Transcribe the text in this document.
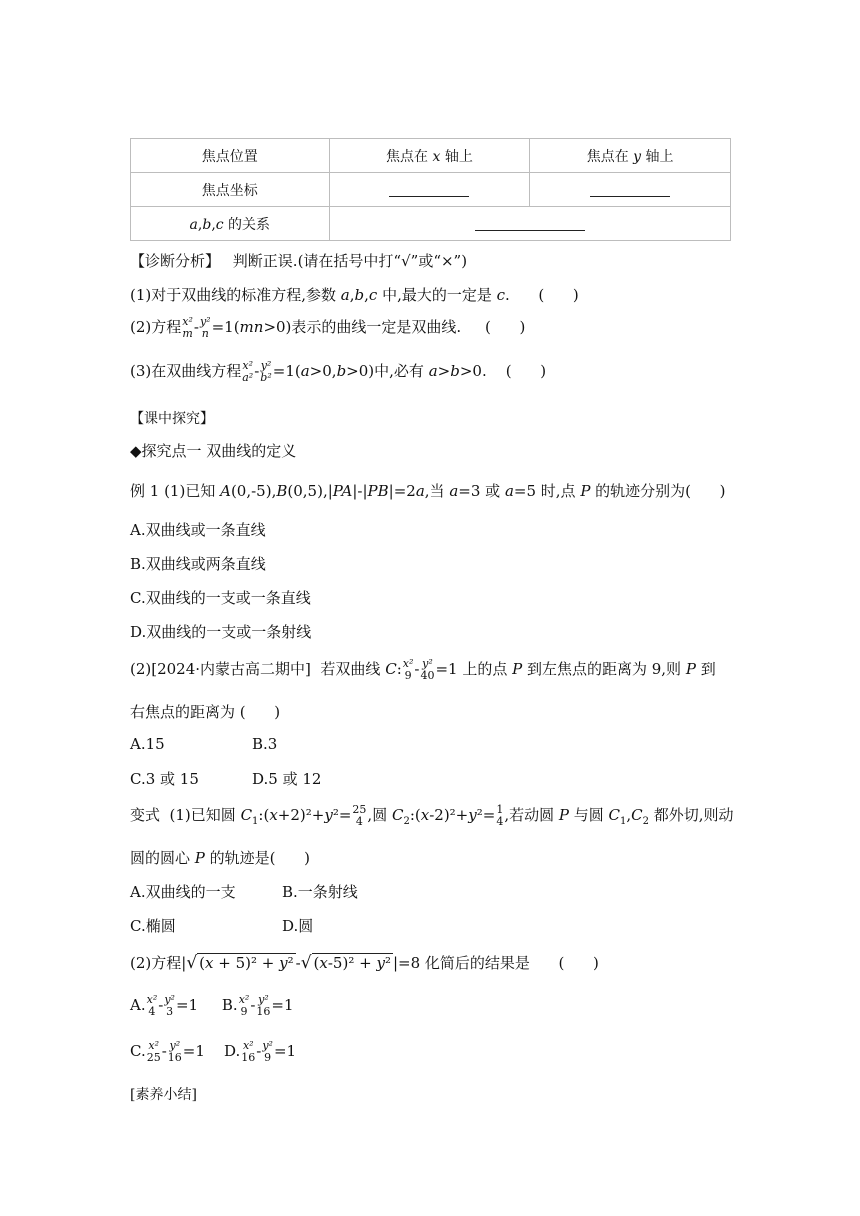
焦点位置	焦点在 x 轴上	焦点在 y 轴上
焦点坐标		
a,b,c 的关系		
【诊断分析】 判断正误.(请在括号中打“√”或“×”)
(1)对于双曲线的标准方程,参数 a,b,c 中,最大的一定是 c.      (      )
(2)方程 x²
m - y²
n =1(mn>0)表示的曲线一定是双曲线.     (      )
(3)在双曲线方程 x²
a² - y²
b² =1(a>0,b>0)中,必有 a>b>0.    (      )
【课中探究】
◆探究点一 双曲线的定义
例 1 (1)已知 A(0,-5),B(0,5),|PA|-|PB|=2a,当 a=3 或 a=5 时,点 P 的轨迹分别为(      )
A.双曲线或一条直线
B.双曲线或两条直线
C.双曲线的一支或一条直线
D.双曲线的一支或一条射线
(2)[2024·内蒙古高二期中]  若双曲线 C: x²
9 - y²
40 =1 上的点 P 到左焦点的距离为 9,则 P 到
右焦点的距离为 (      )
A.15	B.3
C.3 或 15	D.5 或 12
变式  (1)已知圆 $C_1:(x+2)^2+y^2= 25$
4 ,圆 $C_2:(x-2)^2+y^2= 1$
4 ,若动圆 P 与圆 $C_1,C_2$ 都外切,则动
圆的圆心 P 的轨迹是(      )
A.双曲线的一支	B.一条射线
C.椭圆	D.圆
(2)方程|√ (x + 5)² + y² -√ (x-5)² + y² |=8 化简后的结果是      (      )
A. x²
4 - y²
3 =1     B. x²
9 - y²
16 =1
C. x²
25 - y²
16 =1    D. x²
16 - y²
9 =1
[素养小结]
